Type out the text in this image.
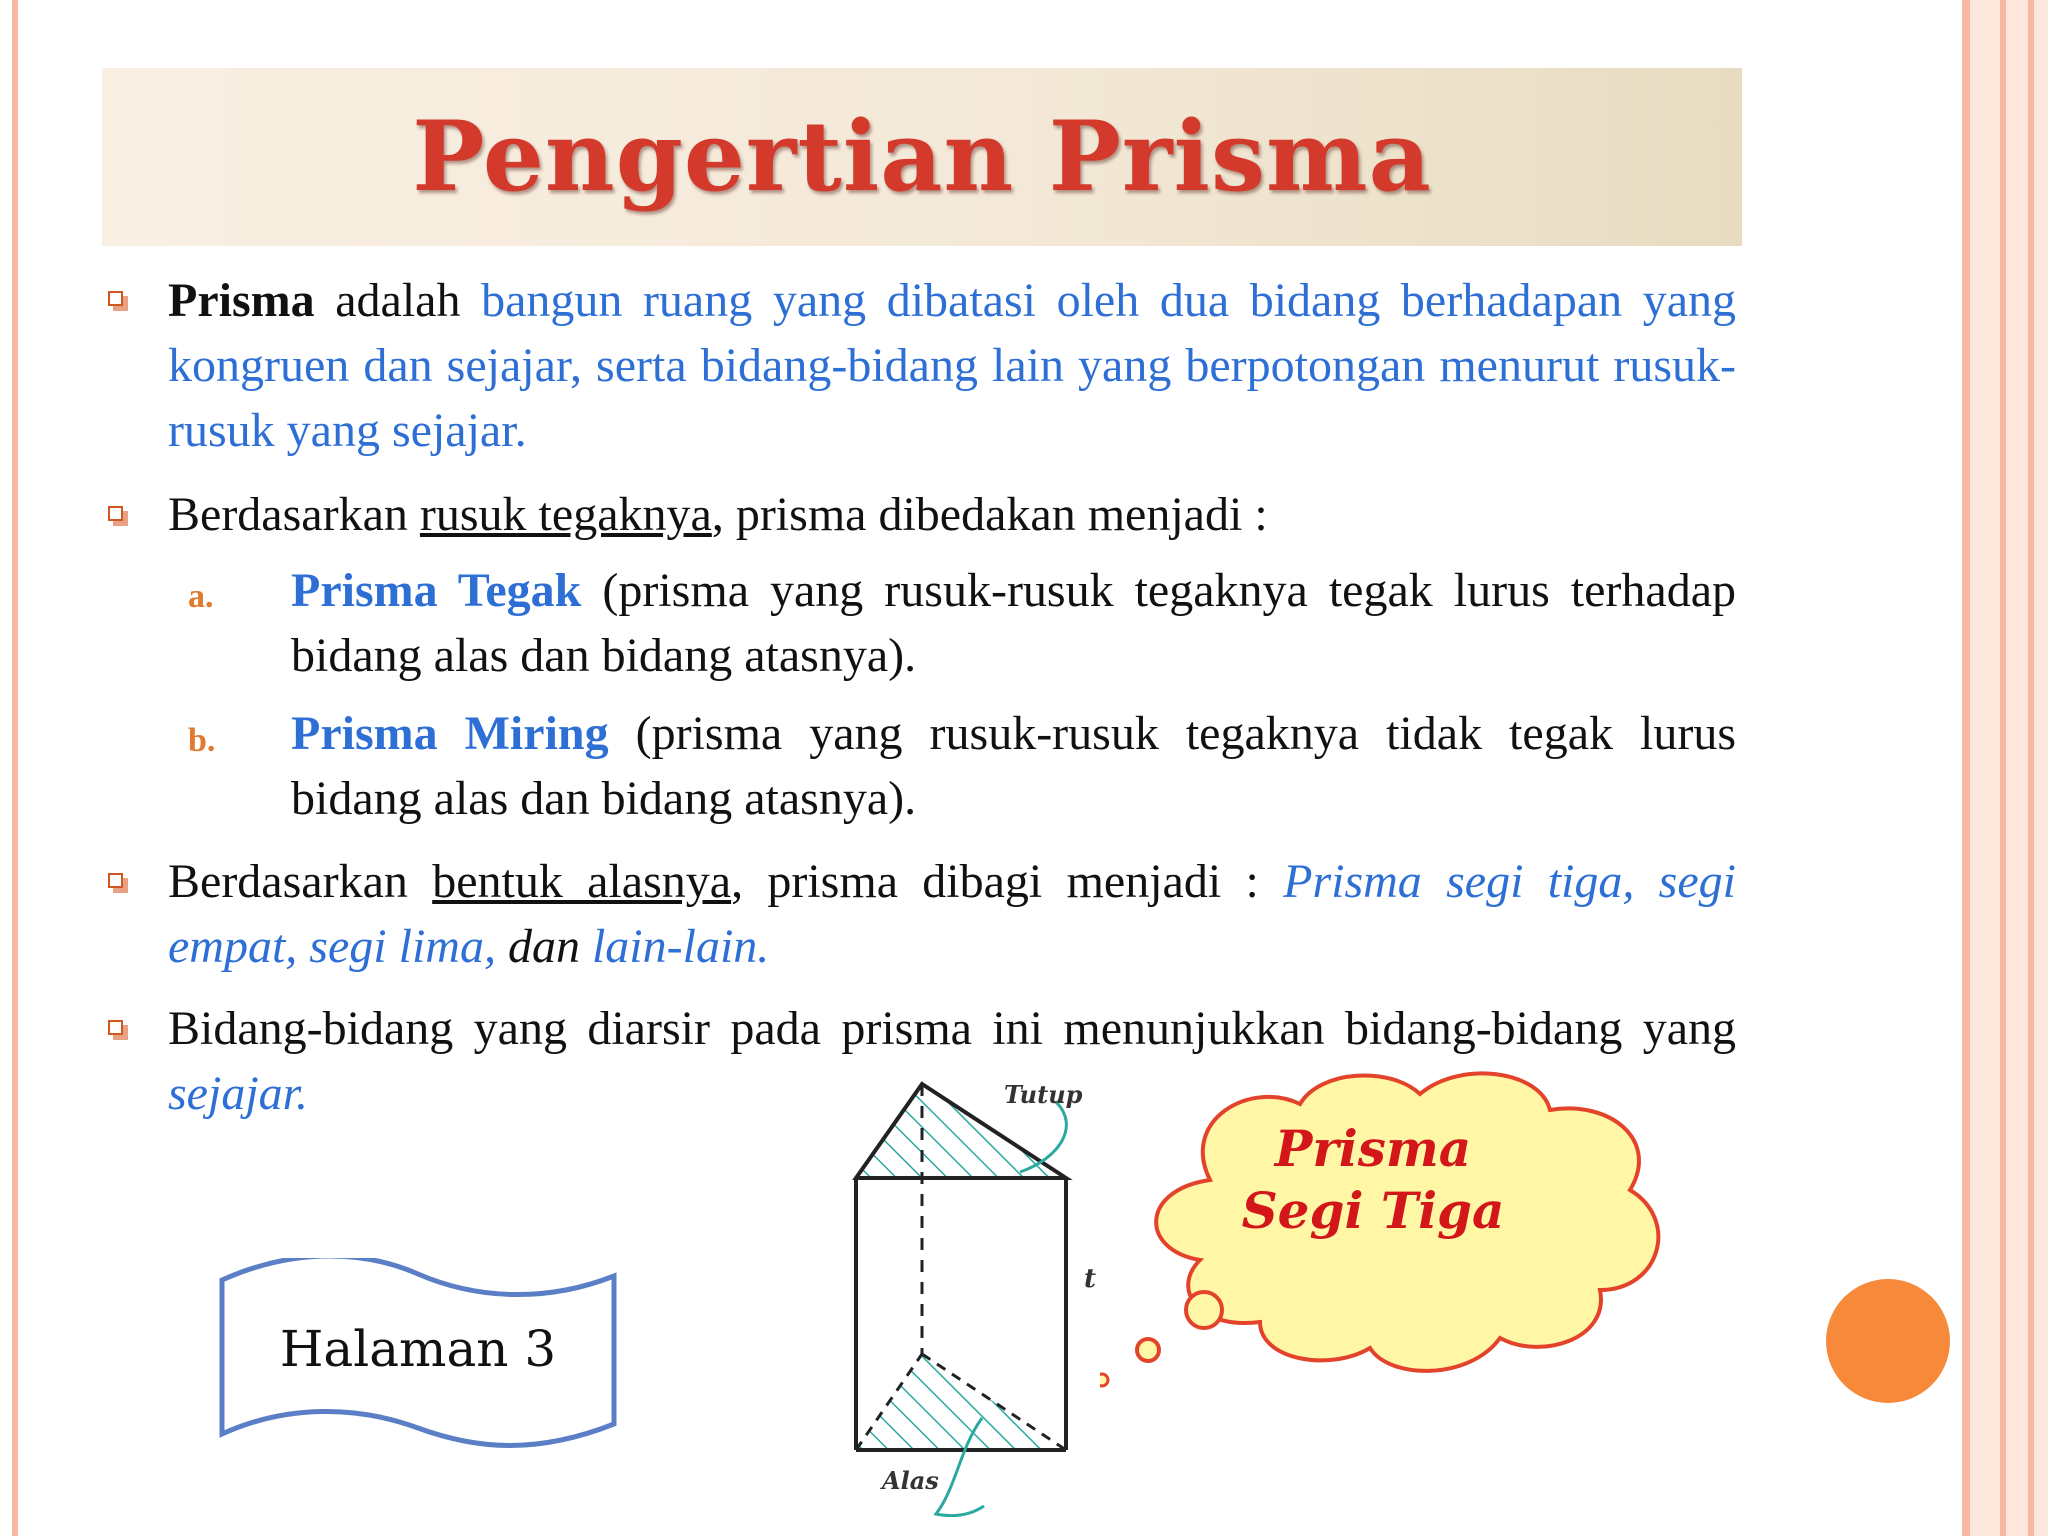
Pengertian Prisma
Prisma adalah bangun ruang yang dibatasi oleh dua bidang berhadapan yang kongruen dan sejajar, serta bidang-bidang lain yang berpotongan menurut rusuk-rusuk yang sejajar.
Berdasarkan rusuk tegaknya, prisma dibedakan menjadi :
a. Prisma Tegak (prisma yang rusuk-rusuk tegaknya tegak lurus terhadap bidang alas dan bidang atasnya).
b. Prisma Miring (prisma yang rusuk-rusuk tegaknya tidak tegak lurus bidang alas dan bidang atasnya).
Berdasarkan bentuk alasnya, prisma dibagi menjadi : Prisma segi tiga, segi empat, segi lima, dan lain-lain.
Bidang-bidang yang diarsir pada prisma ini menunjukkan bidang-bidang yang sejajar.	Tutup
t
Alas
Prisma
Segi Tiga
Halaman 3
